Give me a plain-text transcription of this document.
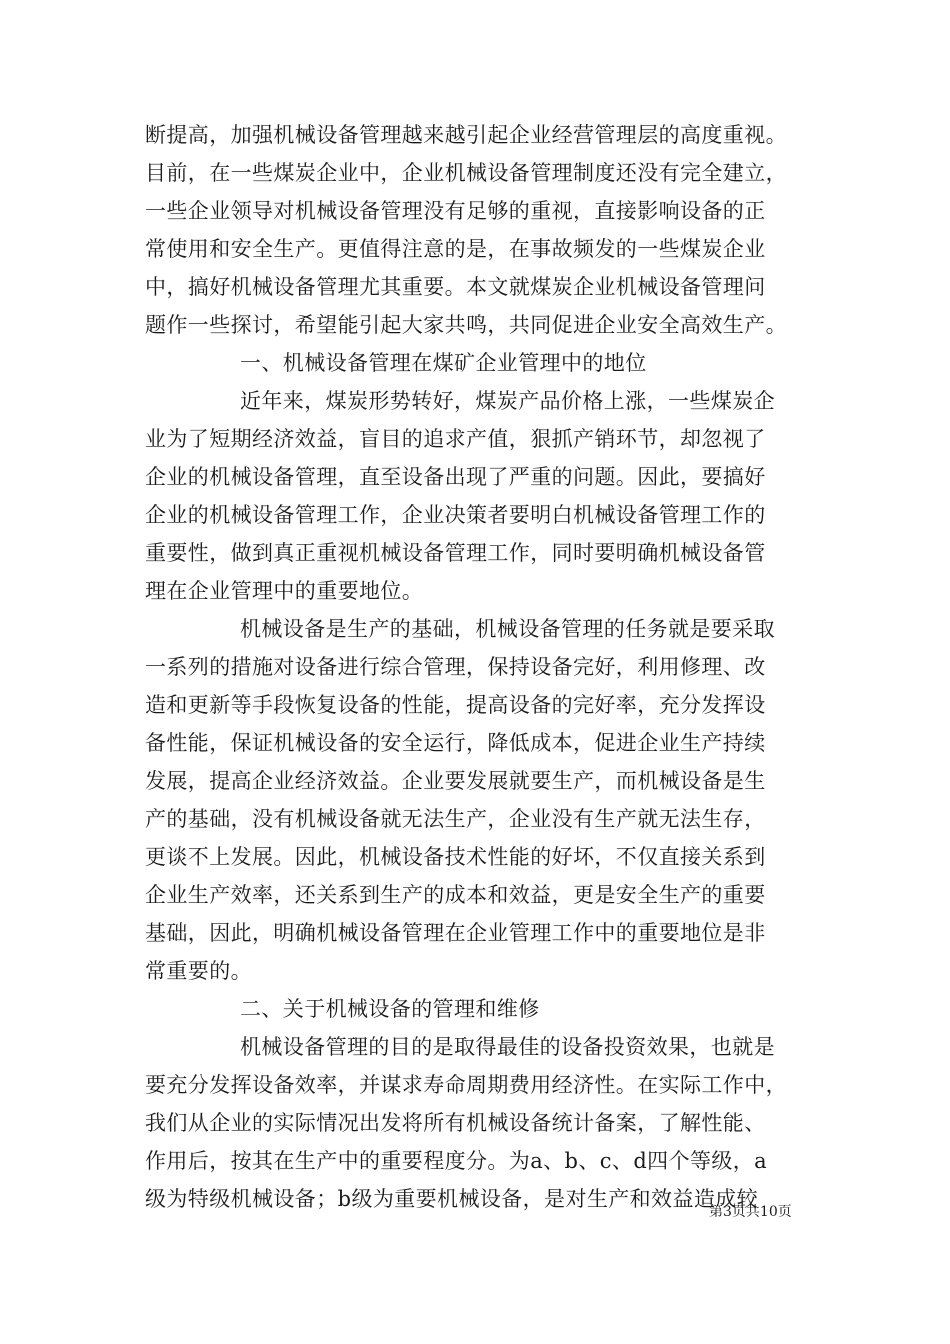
断提高，加强机械设备管理越来越引起企业经营管理层的高度重视。
目前，在一些煤炭企业中，企业机械设备管理制度还没有完全建立，
一些企业领导对机械设备管理没有足够的重视，直接影响设备的正
常使用和安全生产。更值得注意的是，在事故频发的一些煤炭企业
中，搞好机械设备管理尤其重要。本文就煤炭企业机械设备管理问
题作一些探讨，希望能引起大家共鸣，共同促进企业安全高效生产。
一、机械设备管理在煤矿企业管理中的地位
近年来，煤炭形势转好，煤炭产品价格上涨，一些煤炭企
业为了短期经济效益，盲目的追求产值，狠抓产销环节，却忽视了
企业的机械设备管理，直至设备出现了严重的问题。因此，要搞好
企业的机械设备管理工作，企业决策者要明白机械设备管理工作的
重要性，做到真正重视机械设备管理工作，同时要明确机械设备管
理在企业管理中的重要地位。
机械设备是生产的基础，机械设备管理的任务就是要采取
一系列的措施对设备进行综合管理，保持设备完好，利用修理、改
造和更新等手段恢复设备的性能，提高设备的完好率，充分发挥设
备性能，保证机械设备的安全运行，降低成本，促进企业生产持续
发展，提高企业经济效益。企业要发展就要生产，而机械设备是生
产的基础，没有机械设备就无法生产，企业没有生产就无法生存，
更谈不上发展。因此，机械设备技术性能的好坏，不仅直接关系到
企业生产效率，还关系到生产的成本和效益，更是安全生产的重要
基础，因此，明确机械设备管理在企业管理工作中的重要地位是非
常重要的。
二、关于机械设备的管理和维修
机械设备管理的目的是取得最佳的设备投资效果，也就是
要充分发挥设备效率，并谋求寿命周期费用经济性。在实际工作中，
我们从企业的实际情况出发将所有机械设备统计备案，了解性能、
作用后，按其在生产中的重要程度分。为a、b、c、d四个等级，a
级为特级机械设备；b级为重要机械设备，是对生产和效益造成较
第3页共10页
